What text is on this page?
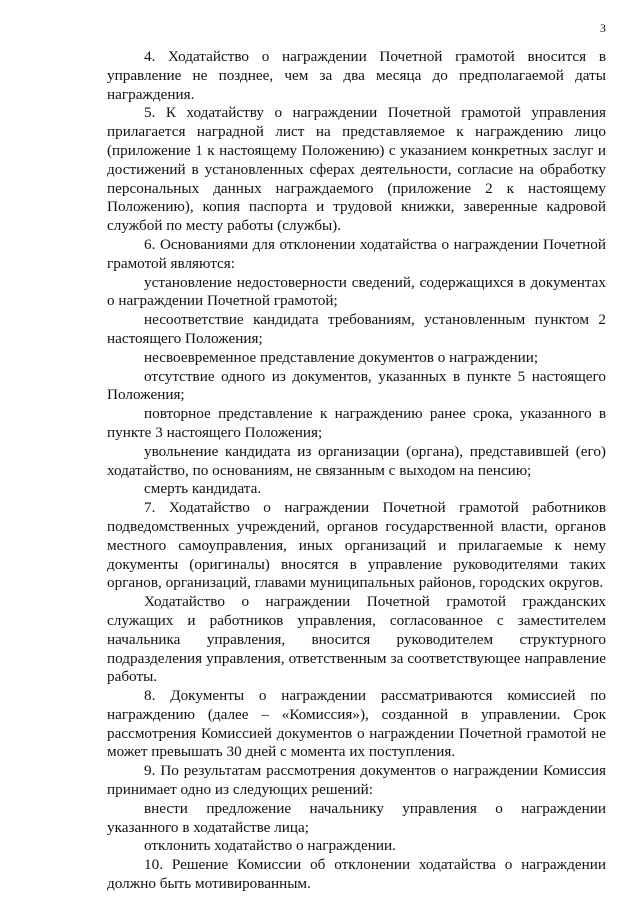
3

4. Ходатайство о награждении Почетной грамотой вносится в управление не позднее, чем за два месяца до предполагаемой даты награждения.

5. К ходатайству о награждении Почетной грамотой управления прилагается наградной лист на представляемое к награждению лицо (приложение 1 к настоящему Положению) с указанием конкретных заслуг и достижений в установленных сферах деятельности, согласие на обработку персональных данных награждаемого (приложение 2 к настоящему Положению), копия паспорта и трудовой книжки, заверенные кадровой службой по месту работы (службы).

6. Основаниями для отклонении ходатайства о награждении Почетной грамотой являются:

установление недостоверности сведений, содержащихся в документах о награждении Почетной грамотой;

несоответствие кандидата требованиям, установленным пунктом 2 настоящего Положения;

несвоевременное представление документов о награждении;

отсутствие одного из документов, указанных в пункте 5 настоящего Положения;

повторное представление к награждению ранее срока, указанного в пункте 3 настоящего Положения;

увольнение кандидата из организации (органа), представившей (его) ходатайство, по основаниям, не связанным с выходом на пенсию;

смерть кандидата.

7. Ходатайство о награждении Почетной грамотой работников подведомственных учреждений, органов государственной власти, органов местного самоуправления, иных организаций и прилагаемые к нему документы (оригиналы) вносятся в управление руководителями таких органов, организаций, главами муниципальных районов, городских округов.

Ходатайство о награждении Почетной грамотой гражданских служащих и работников управления, согласованное с заместителем начальника управления, вносится руководителем структурного подразделения управления, ответственным за соответствующее направление работы.

8. Документы о награждении рассматриваются комиссией по награждению (далее – «Комиссия»), созданной в управлении. Срок рассмотрения Комиссией документов о награждении Почетной грамотой не может превышать 30 дней с момента их поступления.

9. По результатам рассмотрения документов о награждении Комиссия принимает одно из следующих решений:

внести предложение начальнику управления о награждении указанного в ходатайстве лица;

отклонить ходатайство о награждении.

10. Решение Комиссии об отклонении ходатайства о награждении должно быть мотивированным.
